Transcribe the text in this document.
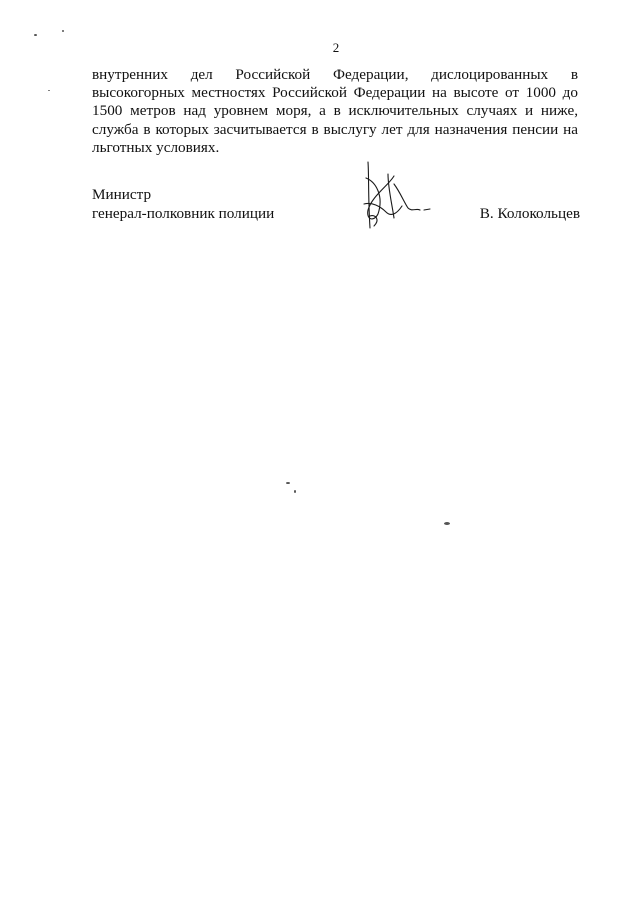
2
внутренних дел Российской Федерации, дислоцированных в высокогорных местностях Российской Федерации на высоте от 1000 до 1500 метров над уровнем моря, а в исключительных случаях и ниже, служба в которых засчитывается в выслугу лет для назначения пенсии на льготных условиях.
Министр
генерал-полковник полиции	В. Колокольцев
